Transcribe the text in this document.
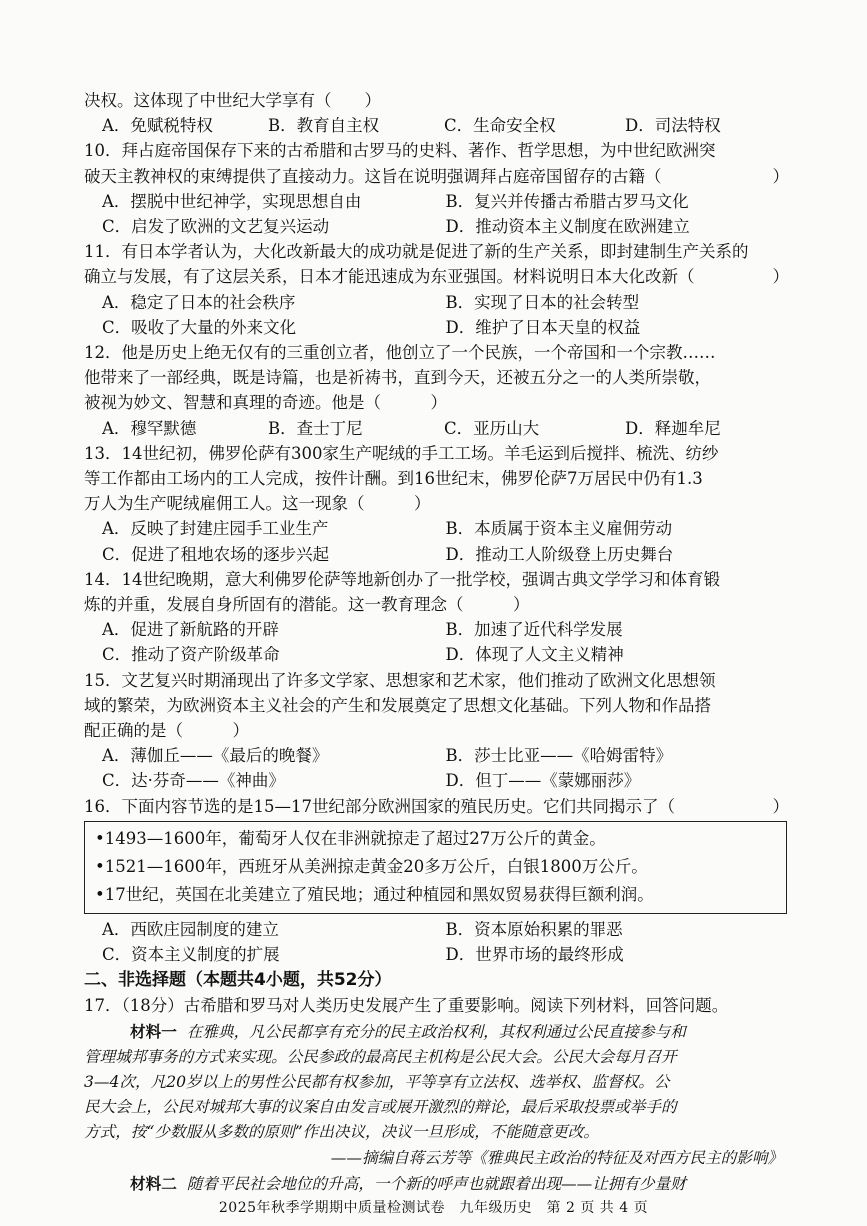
决权。这体现了中世纪大学享有（　　）
A．免赋税特权	B．教育自主权	C．生命安全权	D．司法特权
10．拜占庭帝国保存下来的古希腊和古罗马的史料、著作、哲学思想，为中世纪欧洲突
破天主教神权的束缚提供了直接动力。这旨在说明强调拜占庭帝国留存的古籍（	）
A．摆脱中世纪神学，实现思想自由	B．复兴并传播古希腊古罗马文化
C．启发了欧洲的文艺复兴运动	D．推动资本主义制度在欧洲建立
11．有日本学者认为，大化改新最大的成功就是促进了新的生产关系，即封建制生产关系的
确立与发展，有了这层关系，日本才能迅速成为东亚强国。材料说明日本大化改新（	）
A．稳定了日本的社会秩序	B．实现了日本的社会转型
C．吸收了大量的外来文化	D．维护了日本天皇的权益
12．他是历史上绝无仅有的三重创立者，他创立了一个民族，一个帝国和一个宗教……
他带来了一部经典，既是诗篇，也是祈祷书，直到今天，还被五分之一的人类所崇敬，
被视为妙文、智慧和真理的奇迹。他是（　　　）
A．穆罕默德	B．查士丁尼	C．亚历山大	D．释迦牟尼
13．14世纪初，佛罗伦萨有300家生产呢绒的手工工场。羊毛运到后搅拌、梳洗、纺纱
等工作都由工场内的工人完成，按件计酬。到16世纪末，佛罗伦萨7万居民中仍有1.3
万人为生产呢绒雇佣工人。这一现象（　　　）
A．反映了封建庄园手工业生产	B．本质属于资本主义雇佣劳动
C．促进了租地农场的逐步兴起	D．推动工人阶级登上历史舞台
14．14世纪晚期，意大利佛罗伦萨等地新创办了一批学校，强调古典文学学习和体育锻
炼的并重，发展自身所固有的潜能。这一教育理念（　　　）
A．促进了新航路的开辟	B．加速了近代科学发展
C．推动了资产阶级革命	D．体现了人文主义精神
15．文艺复兴时期涌现出了许多文学家、思想家和艺术家，他们推动了欧洲文化思想领
域的繁荣，为欧洲资本主义社会的产生和发展奠定了思想文化基础。下列人物和作品搭
配正确的是（　　　）
A．薄伽丘——《最后的晚餐》	B．莎士比亚——《哈姆雷特》
C．达·芬奇——《神曲》	D．但丁——《蒙娜丽莎》
16．下面内容节选的是15—17世纪部分欧洲国家的殖民历史。它们共同揭示了（	）
•1493—1600年，葡萄牙人仅在非洲就掠走了超过27万公斤的黄金。
•1521—1600年，西班牙从美洲掠走黄金20多万公斤，白银1800万公斤。
•17世纪，英国在北美建立了殖民地；通过种植园和黑奴贸易获得巨额利润。
A．西欧庄园制度的建立	B．资本原始积累的罪恶
C．资本主义制度的扩展	D．世界市场的最终形成
二、非选择题（本题共4小题，共52分）
17．（18分）古希腊和罗马对人类历史发展产生了重要影响。阅读下列材料，回答问题。
材料一 在雅典，凡公民都享有充分的民主政治权利，其权利通过公民直接参与和
管理城邦事务的方式来实现。公民参政的最高民主机构是公民大会。公民大会每月召开
3—4次，凡20岁以上的男性公民都有权参加，平等享有立法权、选举权、监督权。公
民大会上，公民对城邦大事的议案自由发言或展开激烈的辩论，最后采取投票或举手的
方式，按“少数服从多数的原则”作出决议，决议一旦形成，不能随意更改。
——摘编自蒋云芳等《雅典民主政治的特征及对西方民主的影响》
材料二 随着平民社会地位的升高，一个新的呼声也就跟着出现——让拥有少量财
2025年秋季学期期中质量检测试卷　九年级历史　第 2 页 共 4 页
